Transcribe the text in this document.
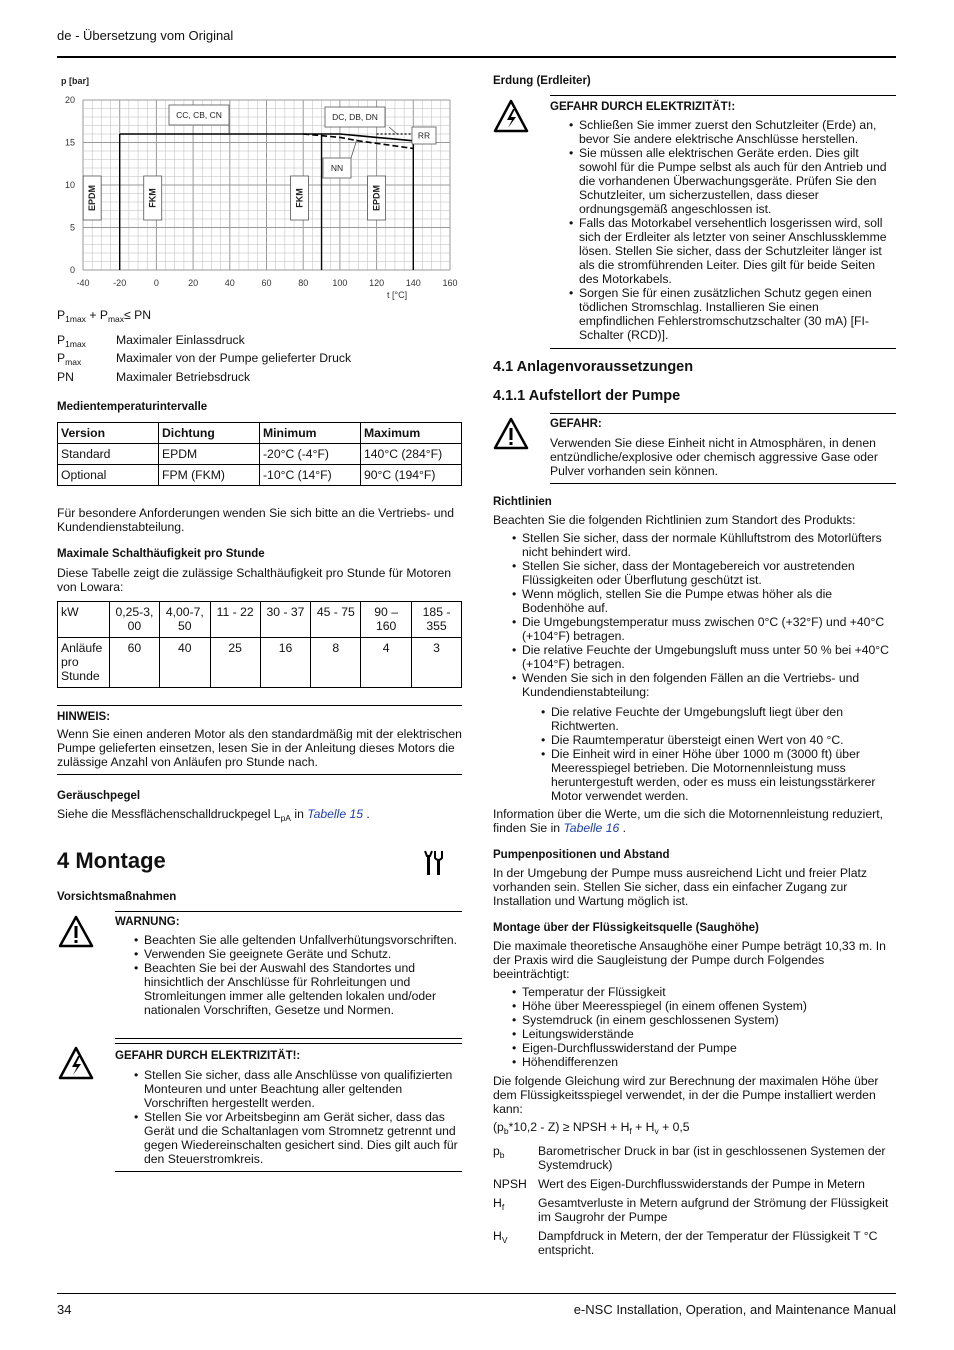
de - Übersetzung vom Original
-40	-20	0	20	40	60	80	100 120 140 160
0
5
10
15
20
p [bar]
t [°C]
EPDM	FKM	FKM	EPDM
CC, CB, CN	DC, DB, DN
RR
NN
$P_{1max} + P_{max}\le$ PN
$P_{1max}$ Maximaler Einlassdruck
$P_{max}$	Maximaler von der Pumpe gelieferter Druck
PN	Maximaler Betriebsdruck
Medientemperaturintervalle
Version	Dichtung	Minimum	Maximum
Standard	EPDM	-20°C (-4°F)	140°C (284°F)
Optional	FPM (FKM)	-10°C (14°F)	90°C (194°F)
Für besondere Anforderungen wenden Sie sich bitte an die Vertriebs- und Kundendienstabteilung.
Maximale Schalthäufigkeit pro Stunde
Diese Tabelle zeigt die zulässige Schalthäufigkeit pro Stunde für Motoren von Lowara:
kW	0,25-3, 00	4,00-7, 50	11 - 22	30 - 37	45 - 75	90 – 160	185 - 355
Anläufe pro Stunde	60	40	25	16	8	4	3
HINWEIS:
Wenn Sie einen anderen Motor als den standardmäßig mit der elektrischen Pumpe gelieferten einsetzen, lesen Sie in der Anleitung dieses Motors die zulässige Anzahl von Anläufen pro Stunde nach.
Geräuschpegel
Siehe die Messflächenschalldruckpegel $L_{pA}$ in Tabelle 15 .
4 Montage
Vorsichtsmaßnahmen
WARNUNG:
• Beachten Sie alle geltenden Unfallverhütungsvorschriften.
• Verwenden Sie geeignete Geräte und Schutz.
• Beachten Sie bei der Auswahl des Standortes und hinsichtlich der Anschlüsse für Rohrleitungen und Stromleitungen immer alle geltenden lokalen und/oder nationalen Vorschriften, Gesetze und Normen.
GEFAHR DURCH ELEKTRIZITÄT!:
• Stellen Sie sicher, dass alle Anschlüsse von qualifizierten Monteuren und unter Beachtung aller geltenden Vorschriften hergestellt werden.
• Stellen Sie vor Arbeitsbeginn am Gerät sicher, dass das Gerät und die Schaltanlagen vom Stromnetz getrennt und gegen Wiedereinschalten gesichert sind. Dies gilt auch für den Steuerstromkreis.
Erdung (Erdleiter)
GEFAHR DURCH ELEKTRIZITÄT!:
• Schließen Sie immer zuerst den Schutzleiter (Erde) an, bevor Sie andere elektrische Anschlüsse herstellen.
• Sie müssen alle elektrischen Geräte erden. Dies gilt sowohl für die Pumpe selbst als auch für den Antrieb und die vorhandenen Überwachungsgeräte. Prüfen Sie den Schutzleiter, um sicherzustellen, dass dieser ordnungsgemäß angeschlossen ist.
• Falls das Motorkabel versehentlich losgerissen wird, soll sich der Erdleiter als letzter von seiner Anschlussklemme lösen. Stellen Sie sicher, dass der Schutzleiter länger ist als die stromführenden Leiter. Dies gilt für beide Seiten des Motorkabels.
• Sorgen Sie für einen zusätzlichen Schutz gegen einen tödlichen Stromschlag. Installieren Sie einen empfindlichen Fehlerstromschutzschalter (30 mA) [FI-Schalter (RCD)].
4.1 Anlagenvoraussetzungen
4.1.1 Aufstellort der Pumpe
GEFAHR:
Verwenden Sie diese Einheit nicht in Atmosphären, in denen entzündliche/explosive oder chemisch aggressive Gase oder Pulver vorhanden sein können.
Richtlinien
Beachten Sie die folgenden Richtlinien zum Standort des Produkts:
• Stellen Sie sicher, dass der normale Kühlluftstrom des Motorlüfters nicht behindert wird.
• Stellen Sie sicher, dass der Montagebereich vor austretenden Flüssigkeiten oder Überflutung geschützt ist.
• Wenn möglich, stellen Sie die Pumpe etwas höher als die Bodenhöhe auf.
• Die Umgebungstemperatur muss zwischen 0°C (+32°F) und +40°C (+104°F) betragen.
• Die relative Feuchte der Umgebungsluft muss unter 50 % bei +40°C (+104°F) betragen.
• Wenden Sie sich in den folgenden Fällen an die Vertriebs- und Kundendienstabteilung:
• Die relative Feuchte der Umgebungsluft liegt über den Richtwerten.
• Die Raumtemperatur übersteigt einen Wert von 40 °C.
• Die Einheit wird in einer Höhe über 1000 m (3000 ft) über Meeresspiegel betrieben. Die Motornennleistung muss heruntergestuft werden, oder es muss ein leistungsstärkerer Motor verwendet werden.
Information über die Werte, um die sich die Motornennleistung reduziert, finden Sie in Tabelle 16 .
Pumpenpositionen und Abstand
In der Umgebung der Pumpe muss ausreichend Licht und freier Platz vorhanden sein. Stellen Sie sicher, dass ein einfacher Zugang zur Installation und Wartung möglich ist.
Montage über der Flüssigkeitsquelle (Saughöhe)
Die maximale theoretische Ansaughöhe einer Pumpe beträgt 10,33 m. In der Praxis wird die Saugleistung der Pumpe durch Folgendes beeinträchtigt:
• Temperatur der Flüssigkeit
• Höhe über Meeresspiegel (in einem offenen System)
• Systemdruck (in einem geschlossenen System)
• Leitungswiderstände
• Eigen-Durchflusswiderstand der Pumpe
• Höhendifferenzen
Die folgende Gleichung wird zur Berechnung der maximalen Höhe über dem Flüssigkeitsspiegel verwendet, in der die Pumpe installiert werden kann:
$(p_b*10,2 - Z)$ ≥ NPSH + $H_f + H_v + 0,5$
$p_b$	Barometrischer Druck in bar (ist in geschlossenen Systemen der Systemdruck)
NPSH Wert des Eigen-Durchflusswiderstands der Pumpe in Metern
$H_f$	Gesamtverluste in Metern aufgrund der Strömung der Flüssigkeit im Saugrohr der Pumpe
$H_V$	Dampfdruck in Metern, der der Temperatur der Flüssigkeit T °C entspricht.
34	e-NSC Installation, Operation, and Maintenance Manual
